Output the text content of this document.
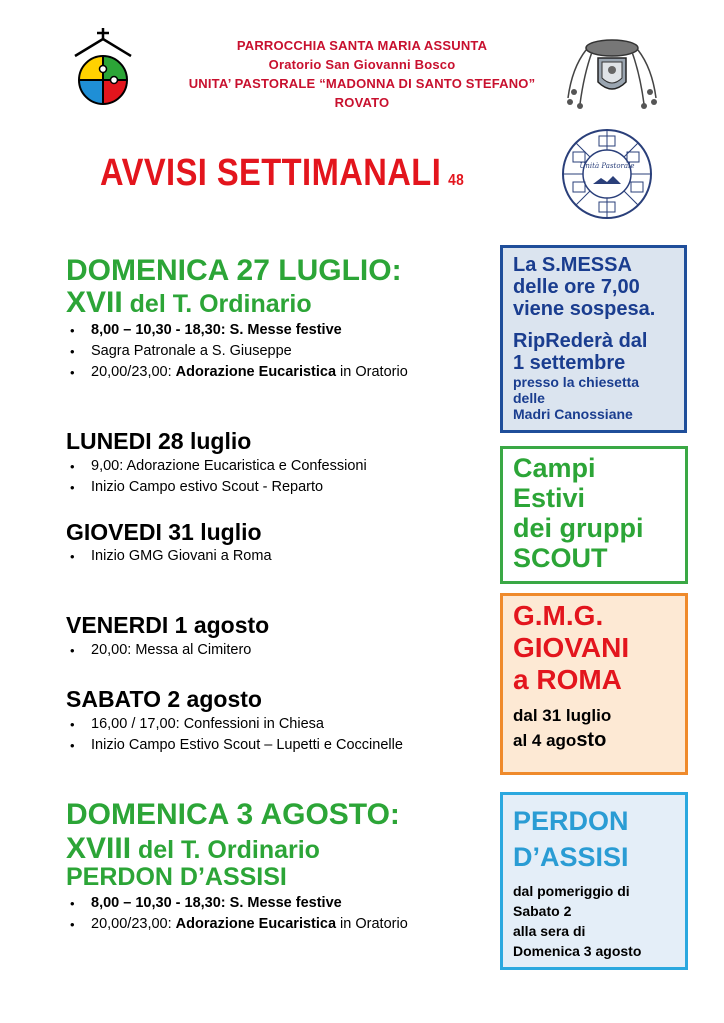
PARROCCHIA SANTA MARIA ASSUNTA
Oratorio San Giovanni Bosco
UNITA’ PASTORALE “MADONNA DI SANTO STEFANO”
ROVATO
AVVISI SETTIMANALI 48
Unità Pastorale
DOMENICA 27 LUGLIO:
XVII del T. Ordinario
• 8,00 – 10,30 - 18,30: S. Messe festive
• Sagra Patronale a S. Giuseppe
• 20,00/23,00: Adorazione Eucaristica in Oratorio
LUNEDI 28 luglio
• 9,00: Adorazione Eucaristica e Confessioni
• Inizio Campo estivo Scout - Reparto
GIOVEDI 31 luglio
• Inizio GMG Giovani a Roma
VENERDI 1 agosto
• 20,00: Messa al Cimitero
SABATO 2 agosto
• 16,00 / 17,00: Confessioni in Chiesa
• Inizio Campo Estivo Scout – Lupetti e Coccinelle
DOMENICA 3 AGOSTO:
XVIII del T. Ordinario
PERDON D’ASSISI
• 8,00 – 10,30 - 18,30: S. Messe festive
• 20,00/23,00: Adorazione Eucaristica in Oratorio
La S.MESSA
delle ore 7,00
viene sospesa.
RipRederà dal
1 settembre
presso la chiesetta
delle
Madri Canossiane
Campi
Estivi
dei gruppi
SCOUT
G.M.G.
GIOVANI
a ROMA
dal 31 luglio
al 4 agosto
PERDON
D’ASSISI
dal pomeriggio di
Sabato 2
alla sera di
Domenica 3 agosto
